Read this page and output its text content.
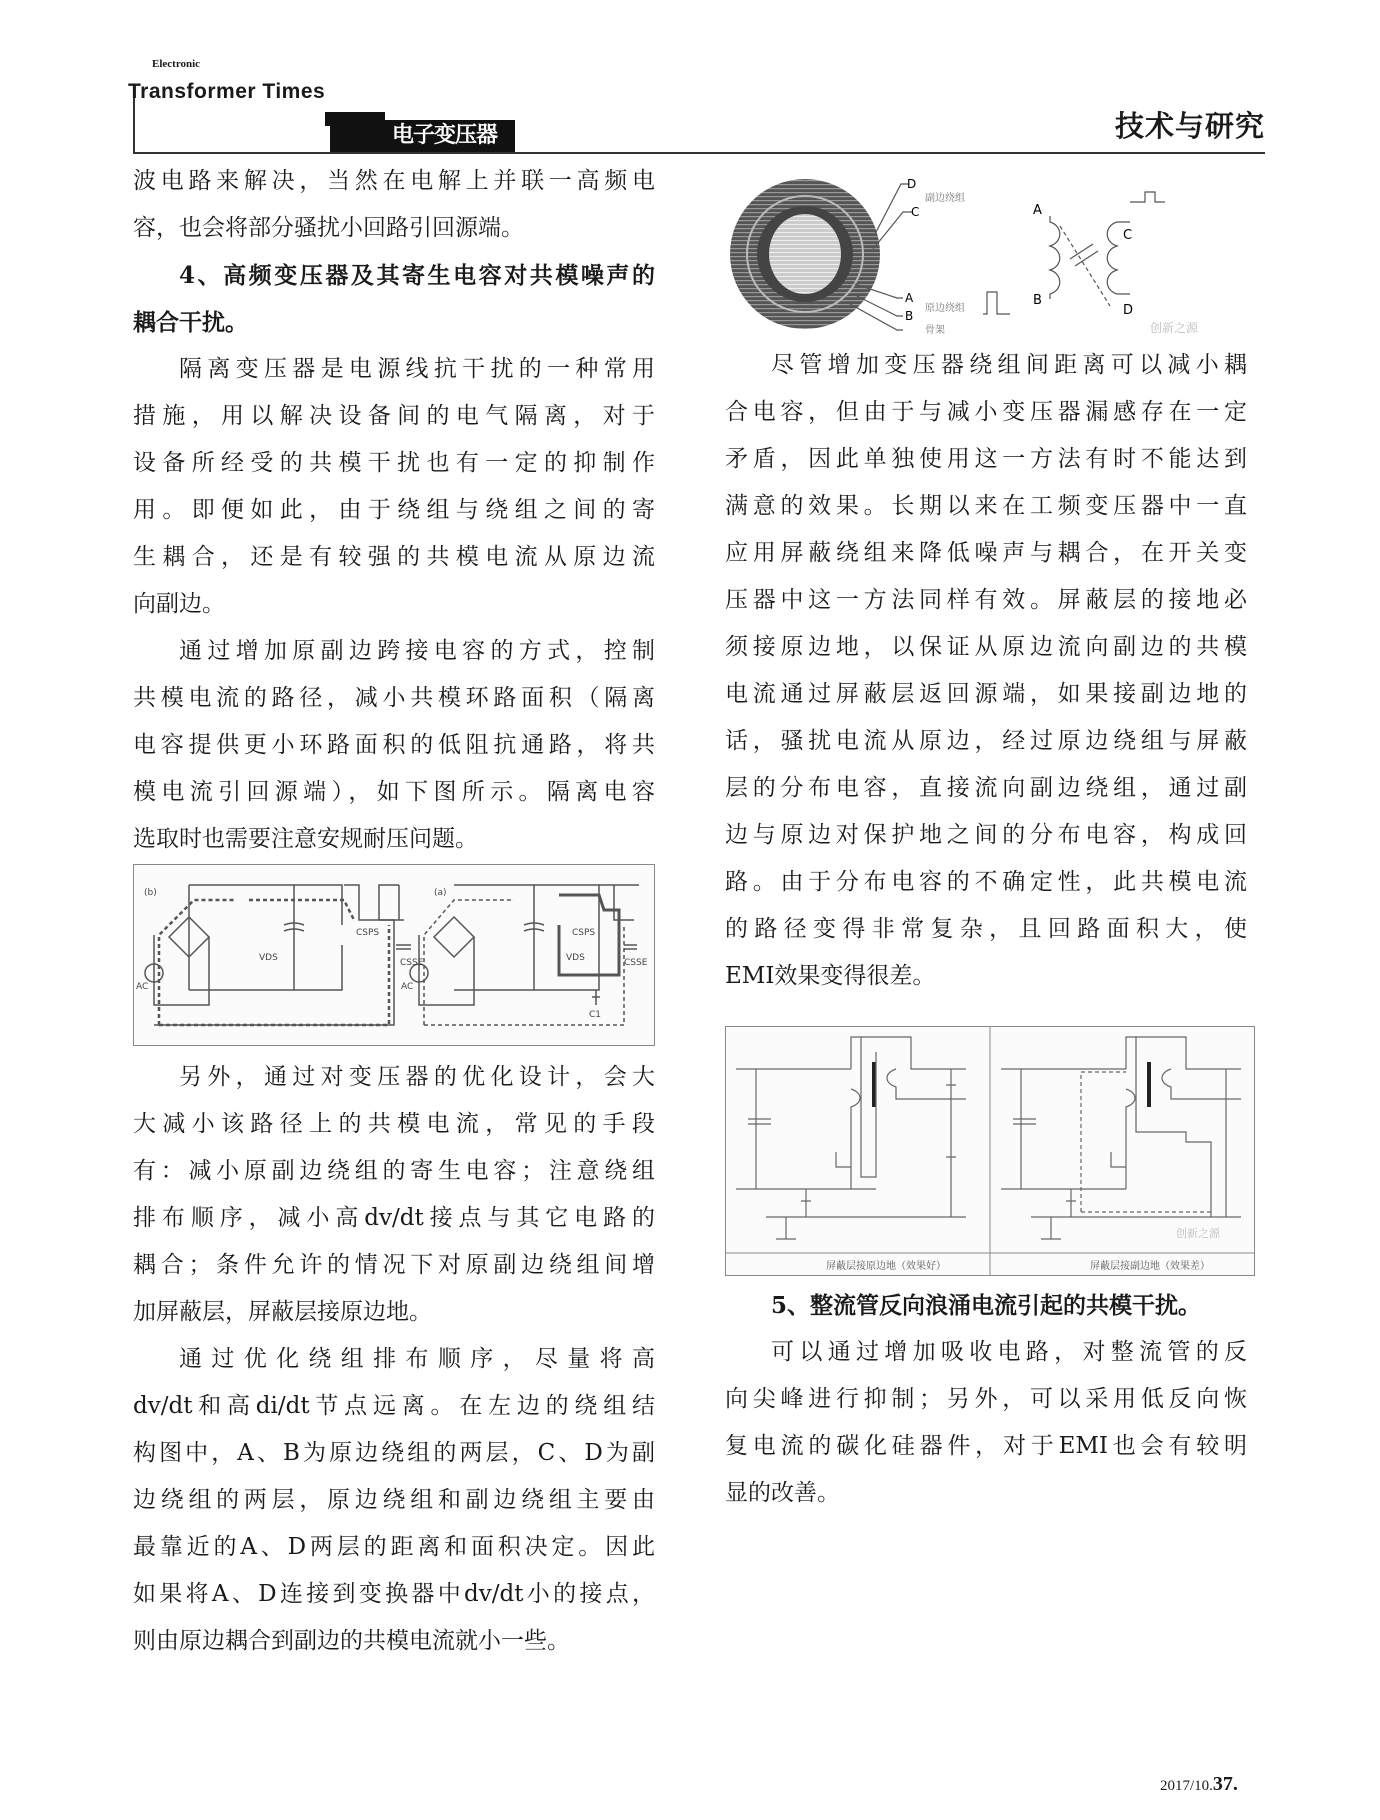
Electronic
Transformer Times
电子变压器	技术与研究
波电路来解决，当然在电解上并联一高频电
容，也会将部分骚扰小回路引回源端。
4、高频变压器及其寄生电容对共模噪声的
耦合干扰。
隔离变压器是电源线抗干扰的一种常用
措施，用以解决设备间的电气隔离，对于
设备所经受的共模干扰也有一定的抑制作
用。即便如此，由于绕组与绕组之间的寄
生耦合，还是有较强的共模电流从原边流
向副边。
通过增加原副边跨接电容的方式，控制
共模电流的路径，减小共模环路面积（隔离
电容提供更小环路面积的低阻抗通路，将共
模电流引回源端），如下图所示。隔离电容
选取时也需要注意安规耐压问题。
另外，通过对变压器的优化设计，会大
大减小该路径上的共模电流，常见的手段
有：减小原副边绕组的寄生电容；注意绕组
排布顺序，减小高dv/dt接点与其它电路的
耦合；条件允许的情况下对原副边绕组间增
加屏蔽层，屏蔽层接原边地。
通过优化绕组排布顺序，尽量将高
dv/dt和高di/dt节点远离。在左边的绕组结
构图中，A、B为原边绕组的两层，C、D为副
边绕组的两层，原边绕组和副边绕组主要由
最靠近的A、D两层的距离和面积决定。因此
如果将A、D连接到变换器中dv/dt小的接点，
则由原边耦合到副边的共模电流就小一些。
尽管增加变压器绕组间距离可以减小耦
合电容，但由于与减小变压器漏感存在一定
矛盾，因此单独使用这一方法有时不能达到
满意的效果。长期以来在工频变压器中一直
应用屏蔽绕组来降低噪声与耦合，在开关变
压器中这一方法同样有效。屏蔽层的接地必
须接原边地，以保证从原边流向副边的共模
电流通过屏蔽层返回源端，如果接副边地的
话，骚扰电流从原边，经过原边绕组与屏蔽
层的分布电容，直接流向副边绕组，通过副
边与原边对保护地之间的分布电容，构成回
路。由于分布电容的不确定性，此共模电流
的路径变得非常复杂，且回路面积大，使
EMI效果变得很差。
5、整流管反向浪涌电流引起的共模干扰。
可以通过增加吸收电路，对整流管的反
向尖峰进行抑制；另外，可以采用低反向恢
复电流的碳化硅器件，对于EMI也会有较明
显的改善。
D
C
副边绕组
A
B
原边绕组
骨架
A
B
C
D
创新之源
(b)
AC
CSPS
VDS	CSSE
(a)
AC
CSPS
VDS	CSSE
C1
屏蔽层接原边地（效果好）	屏蔽层接副边地（效果差）
创新之源
2017/10.37.
